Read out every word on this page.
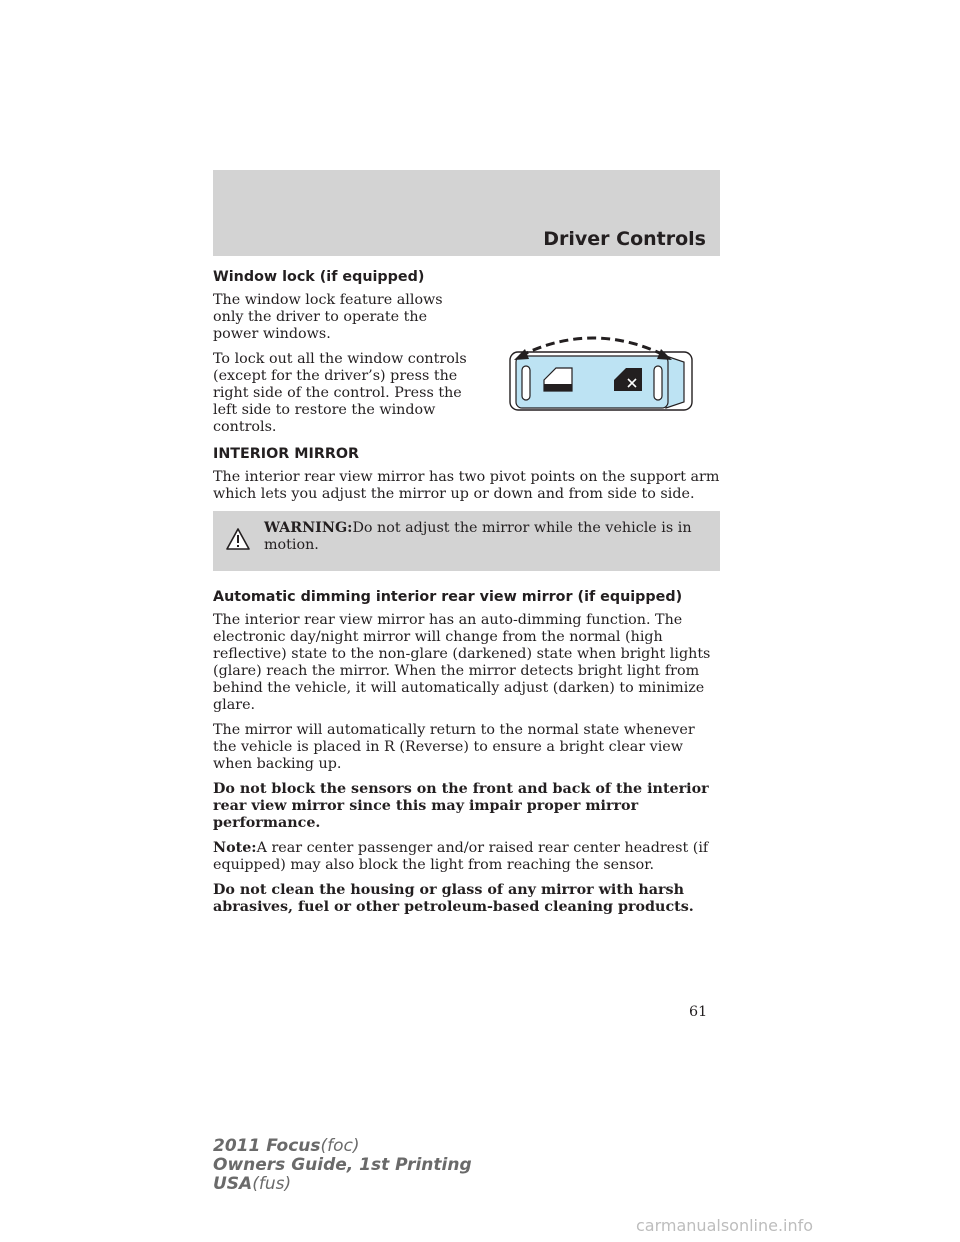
Driver Controls
Window lock (if equipped)

The window lock feature allows only the driver to operate the power windows.

To lock out all the window controls (except for the driver’s) press the right side of the control. Press the left side to restore the window controls.

INTERIOR MIRROR

The interior rear view mirror has two pivot points on the support arm which lets you adjust the mirror up or down and from side to side.

WARNING:Do not adjust the mirror while the vehicle is in motion.
Automatic dimming interior rear view mirror (if equipped)

The interior rear view mirror has an auto-dimming function. The electronic day/night mirror will change from the normal (high reflective) state to the non-glare (darkened) state when bright lights (glare) reach the mirror. When the mirror detects bright light from behind the vehicle, it will automatically adjust (darken) to minimize glare.

The mirror will automatically return to the normal state whenever the vehicle is placed in R (Reverse) to ensure a bright clear view when backing up.

Do not block the sensors on the front and back of the interior rear view mirror since this may impair proper mirror performance.

Note:A rear center passenger and/or raised rear center headrest (if equipped) may also block the light from reaching the sensor.

Do not clean the housing or glass of any mirror with harsh abrasives, fuel or other petroleum-based cleaning products.

61
2011 Focus(foc)
Owners Guide, 1st Printing
USA(fus)
carmanualsonline.info
